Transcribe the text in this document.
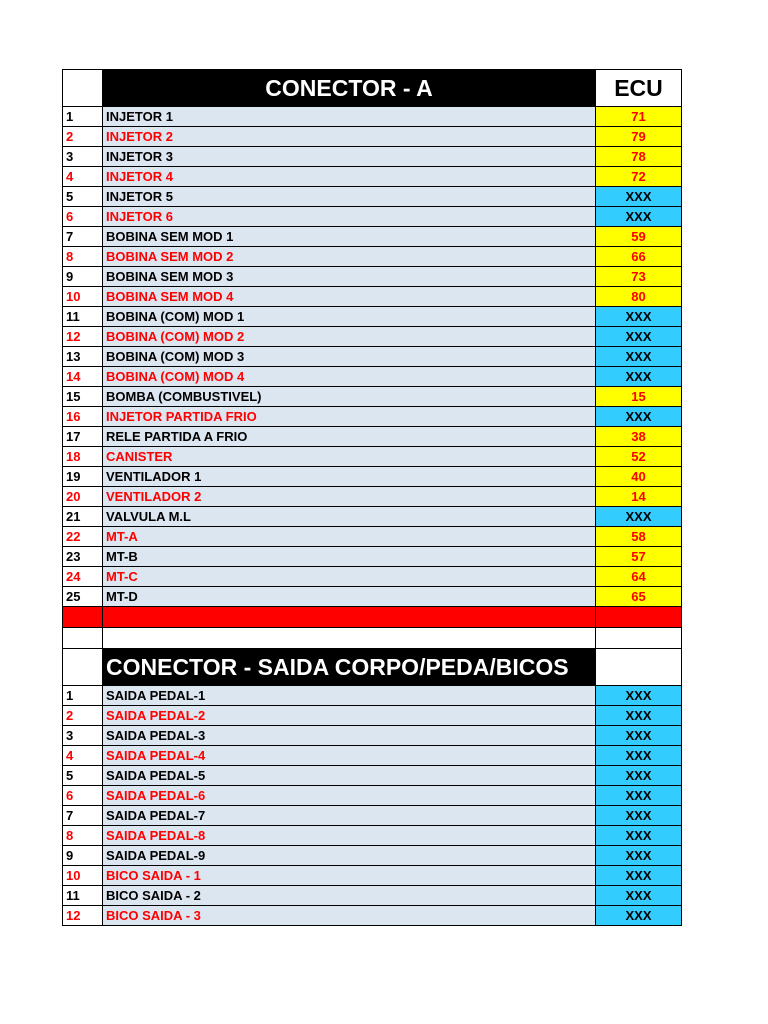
	CONECTOR - A	ECU
1	INJETOR 1	71
2	INJETOR 2	79
3	INJETOR 3	78
4	INJETOR 4	72
5	INJETOR 5	XXX
6	INJETOR 6	XXX
7	BOBINA SEM MOD 1	59
8	BOBINA SEM MOD 2	66
9	BOBINA SEM MOD 3	73
10	BOBINA SEM MOD 4	80
11	BOBINA (COM) MOD 1	XXX
12	BOBINA (COM) MOD 2	XXX
13	BOBINA (COM) MOD 3	XXX
14	BOBINA (COM) MOD 4	XXX
15	BOMBA (COMBUSTIVEL)	15
16	INJETOR PARTIDA FRIO	XXX
17	RELE PARTIDA A FRIO	38
18	CANISTER	52
19	VENTILADOR 1	40
20	VENTILADOR 2	14
21	VALVULA M.L	XXX
22	MT-A	58
23	MT-B	57
24	MT-C	64
25	MT-D	65

	CONECTOR - SAIDA CORPO/PEDA/BICOS	
1	SAIDA PEDAL-1	XXX
2	SAIDA PEDAL-2	XXX
3	SAIDA PEDAL-3	XXX
4	SAIDA PEDAL-4	XXX
5	SAIDA PEDAL-5	XXX
6	SAIDA PEDAL-6	XXX
7	SAIDA PEDAL-7	XXX
8	SAIDA PEDAL-8	XXX
9	SAIDA PEDAL-9	XXX
10	BICO SAIDA - 1	XXX
11	BICO SAIDA - 2	XXX
12	BICO SAIDA - 3	XXX
